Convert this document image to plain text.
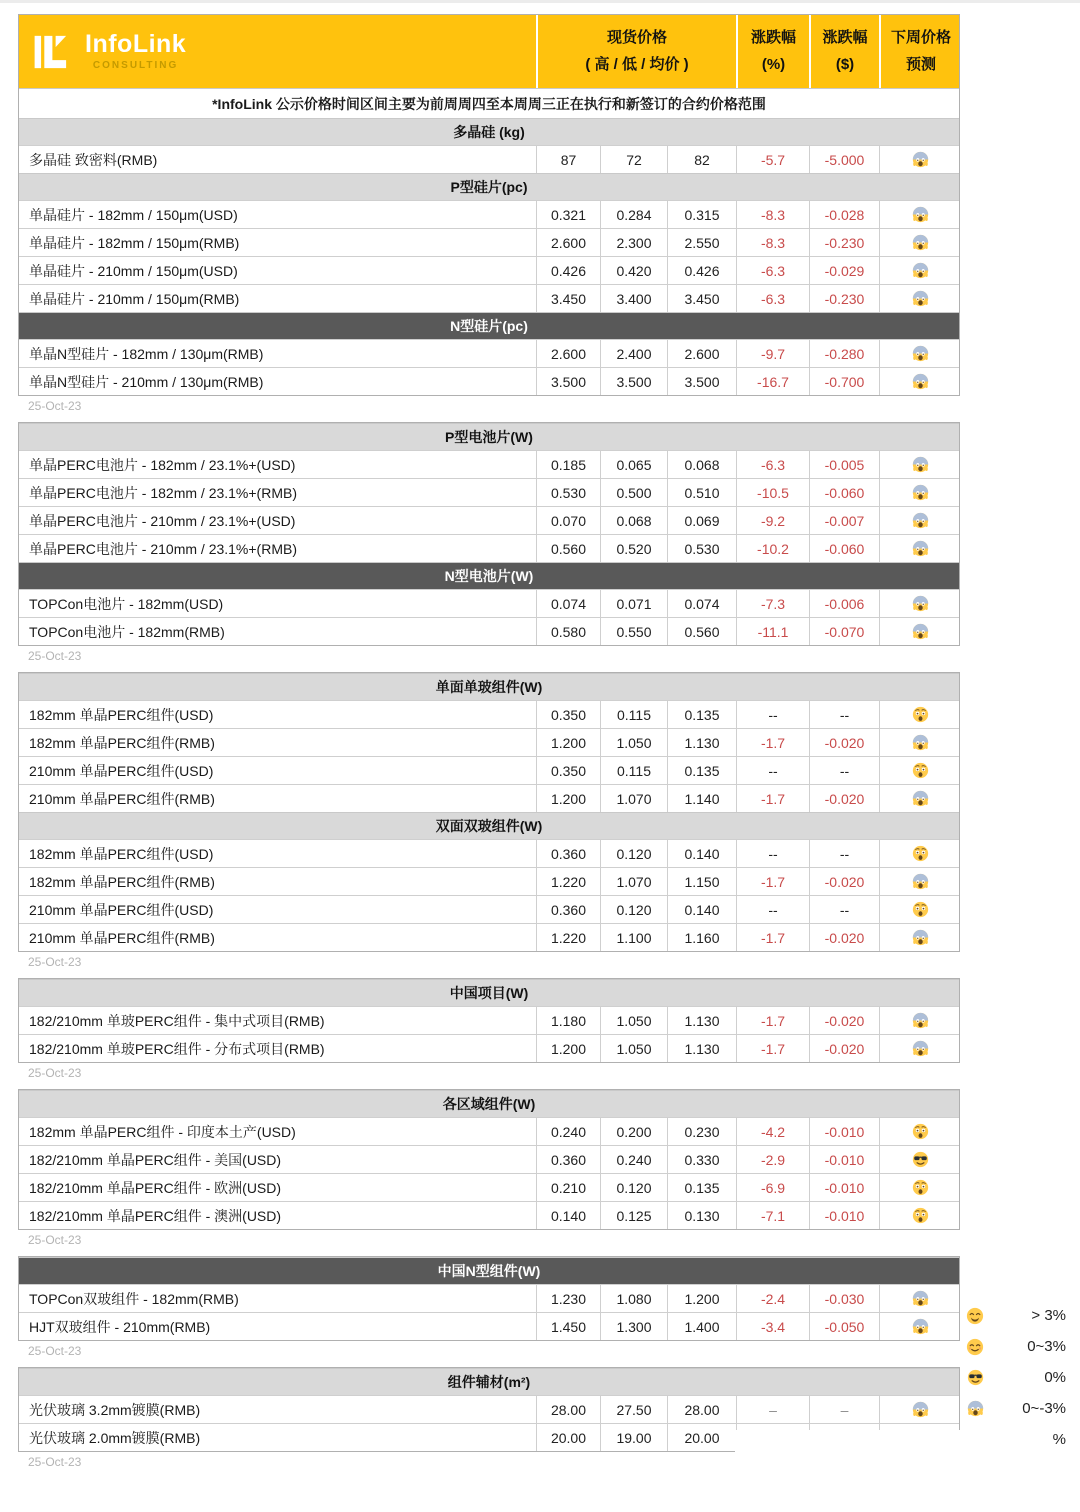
InfoLink
CONSULTING
现货价格
( 高 / 低 / 均价 )
涨跌幅
(%)
涨跌幅
($)
下周价格
预测
*InfoLink 公示价格时间区间主要为前周周四至本周周三正在执行和新签订的合约价格范围
多晶硅 (kg)
多晶硅 致密料(RMB)	87	72	82	-5.7	-5.000
P型硅片(pc)
单晶硅片 - 182mm / 150μm(USD)	0.321	0.284	0.315	-8.3	-0.028
单晶硅片 - 182mm / 150μm(RMB)	2.600	2.300	2.550	-8.3	-0.230
单晶硅片 - 210mm / 150μm(USD)	0.426	0.420	0.426	-6.3	-0.029
单晶硅片 - 210mm / 150μm(RMB)	3.450	3.400	3.450	-6.3	-0.230
N型硅片(pc)
单晶N型硅片 - 182mm / 130μm(RMB)	2.600	2.400	2.600	-9.7	-0.280
单晶N型硅片 - 210mm / 130μm(RMB)	3.500	3.500	3.500	-16.7	-0.700
25-Oct-23
P型电池片(W)
单晶PERC电池片 - 182mm / 23.1%+(USD)	0.185	0.065	0.068	-6.3	-0.005
单晶PERC电池片 - 182mm / 23.1%+(RMB)	0.530	0.500	0.510	-10.5	-0.060
单晶PERC电池片 - 210mm / 23.1%+(USD)	0.070	0.068	0.069	-9.2	-0.007
单晶PERC电池片 - 210mm / 23.1%+(RMB)	0.560	0.520	0.530	-10.2	-0.060
N型电池片(W)
TOPCon电池片 - 182mm(USD)	0.074	0.071	0.074	-7.3	-0.006
TOPCon电池片 - 182mm(RMB)	0.580	0.550	0.560	-11.1	-0.070
25-Oct-23
单面单玻组件(W)
182mm 单晶PERC组件(USD)	0.350	0.115	0.135	--	--
182mm 单晶PERC组件(RMB)	1.200	1.050	1.130	-1.7	-0.020
210mm 单晶PERC组件(USD)	0.350	0.115	0.135	--	--
210mm 单晶PERC组件(RMB)	1.200	1.070	1.140	-1.7	-0.020
双面双玻组件(W)
182mm 单晶PERC组件(USD)	0.360	0.120	0.140	--	--
182mm 单晶PERC组件(RMB)	1.220	1.070	1.150	-1.7	-0.020
210mm 单晶PERC组件(USD)	0.360	0.120	0.140	--	--
210mm 单晶PERC组件(RMB)	1.220	1.100	1.160	-1.7	-0.020
25-Oct-23
中国项目(W)
182/210mm 单玻PERC组件 - 集中式项目(RMB)	1.180	1.050	1.130	-1.7	-0.020
182/210mm 单玻PERC组件 - 分布式项目(RMB)	1.200	1.050	1.130	-1.7	-0.020
25-Oct-23
各区域组件(W)
182mm 单晶PERC组件 - 印度本土产(USD)	0.240	0.200	0.230	-4.2	-0.010
182/210mm 单晶PERC组件 - 美国(USD)	0.360	0.240	0.330	-2.9	-0.010
182/210mm 单晶PERC组件 - 欧洲(USD)	0.210	0.120	0.135	-6.9	-0.010
182/210mm 单晶PERC组件 - 澳洲(USD)	0.140	0.125	0.130	-7.1	-0.010
25-Oct-23
中国N型组件(W)
TOPCon双玻组件 - 182mm(RMB)	1.230	1.080	1.200	-2.4	-0.030
HJT双玻组件 - 210mm(RMB)	1.450	1.300	1.400	-3.4	-0.050
25-Oct-23
组件辅材(m²)
光伏玻璃 3.2mm镀膜(RMB)	28.00	27.50	28.00	–	–
光伏玻璃 2.0mm镀膜(RMB)	20.00	19.00	20.00
25-Oct-23
> 3%
0~3%
0%
0~-3%
%
